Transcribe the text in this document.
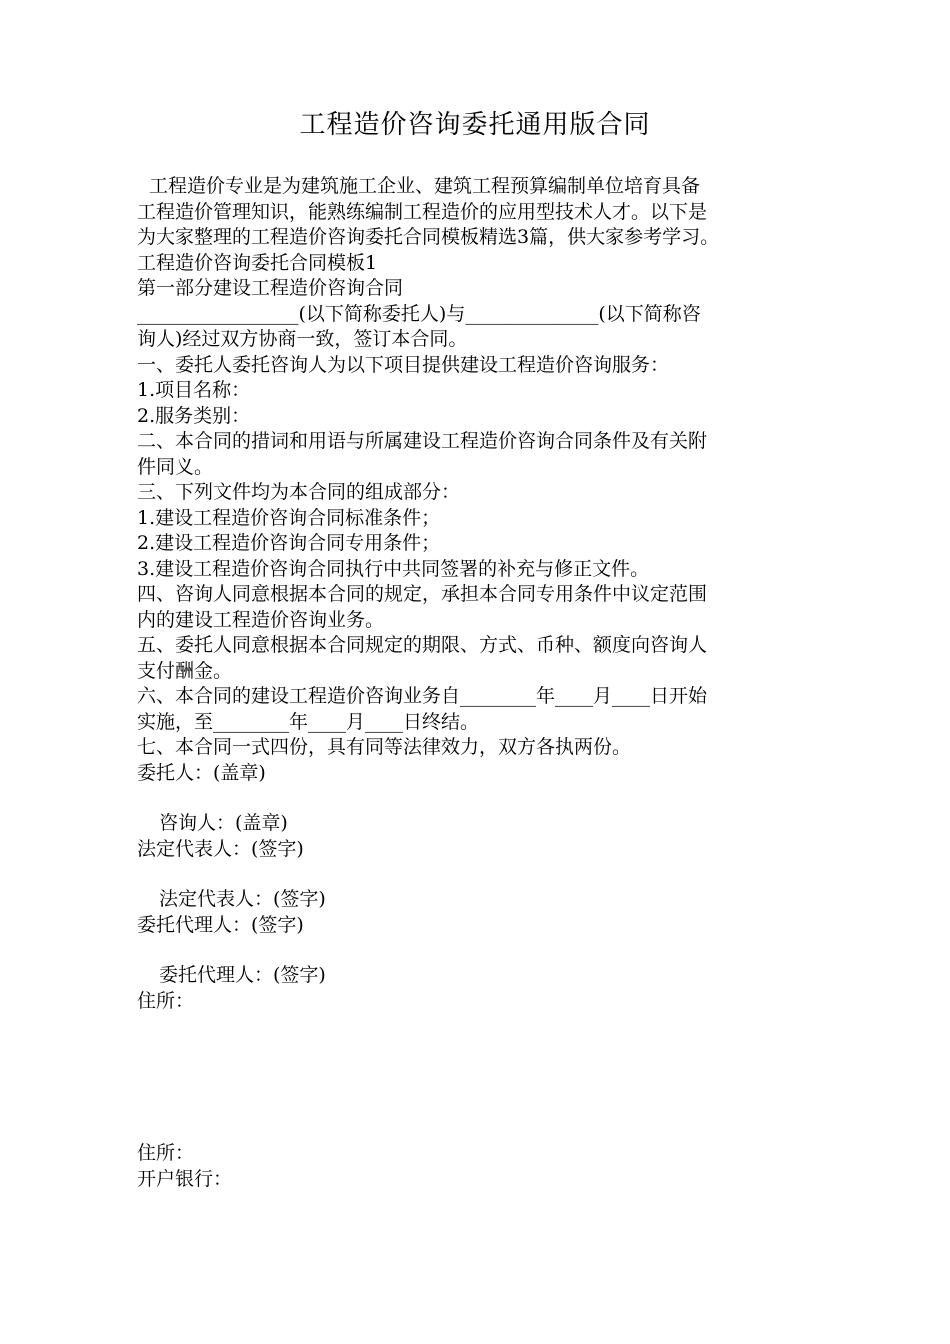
工程造价咨询委托通用版合同
工程造价专业是为建筑施工企业、建筑工程预算编制单位培育具备
工程造价管理知识，能熟练编制工程造价的应用型技术人才。以下是
为大家整理的工程造价咨询委托合同模板精选3篇，供大家参考学习。
工程造价咨询委托合同模板1
第一部分建设工程造价咨询合同
_________________(以下简称委托人)与______________(以下简称咨
询人)经过双方协商一致，签订本合同。
一、委托人委托咨询人为以下项目提供建设工程造价咨询服务：
1.项目名称：
2.服务类别：
二、本合同的措词和用语与所属建设工程造价咨询合同条件及有关附
件同义。
三、下列文件均为本合同的组成部分：
1.建设工程造价咨询合同标准条件；
2.建设工程造价咨询合同专用条件；
3.建设工程造价咨询合同执行中共同签署的补充与修正文件。
四、咨询人同意根据本合同的规定，承担本合同专用条件中议定范围
内的建设工程造价咨询业务。
五、委托人同意根据本合同规定的期限、方式、币种、额度向咨询人
支付酬金。
六、本合同的建设工程造价咨询业务自________年____月____日开始
实施，至________年____月____日终结。
七、本合同一式四份，具有同等法律效力，双方各执两份。
委托人：(盖章)
咨询人：(盖章)
法定代表人：(签字)
法定代表人：(签字)
委托代理人：(签字)
委托代理人：(签字)
住所：
住所：
开户银行：
